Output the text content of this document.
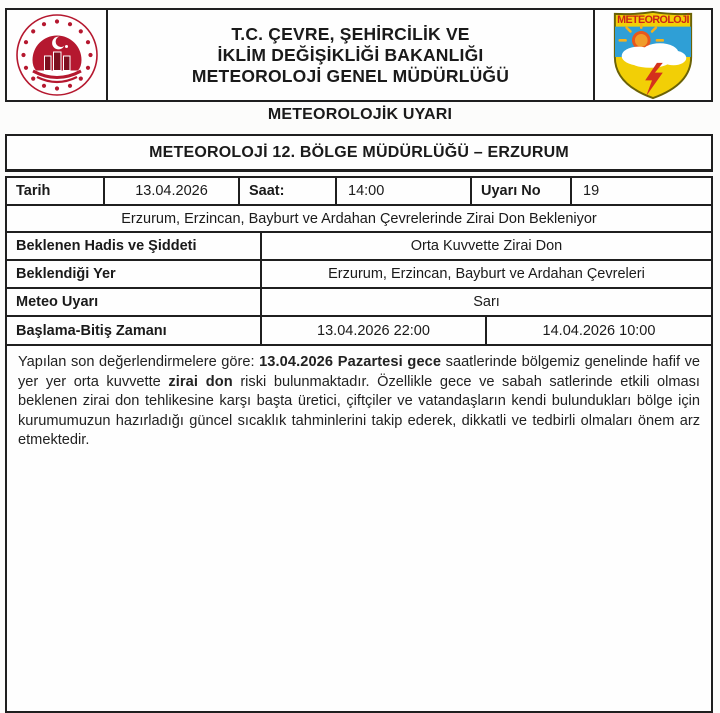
T.C. ÇEVRE, ŞEHİRCİLİK VE
İKLİM DEĞİŞİKLİĞİ BAKANLIĞI
METEOROLOJİ GENEL MÜDÜRLÜĞÜ
METEOROLOJİ
METEOROLOJİK UYARI
METEOROLOJİ 12. BÖLGE MÜDÜRLÜĞÜ – ERZURUM
Tarih	13.04.2026	Saat:	14:00	Uyarı No	19
Erzurum, Erzincan, Bayburt ve Ardahan Çevrelerinde Zirai Don Bekleniyor
Beklenen Hadis ve Şiddeti	Orta Kuvvette Zirai Don
Beklendiği Yer	Erzurum, Erzincan, Bayburt ve Ardahan Çevreleri
Meteo Uyarı	Sarı
Başlama-Bitiş Zamanı	13.04.2026 22:00	14.04.2026 10:00
Yapılan son değerlendirmelere göre: 13.04.2026 Pazartesi gece saatlerinde bölgemiz genelinde hafif ve yer yer orta kuvvette zirai don riski bulunmaktadır. Özellikle gece ve sabah satlerinde etkili olması beklenen zirai don tehlikesine karşı başta üretici, çiftçiler ve vatandaşların kendi bulundukları bölge için kurumumuzun hazırladığı güncel sıcaklık tahminlerini takip ederek, dikkatli ve tedbirli olmaları önem arz etmektedir.
